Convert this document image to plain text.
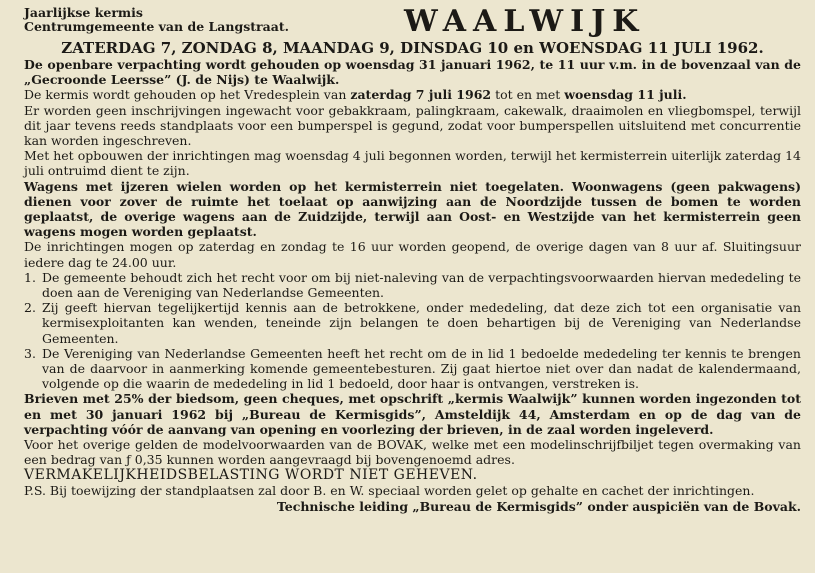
Jaarlijkse kermis
Centrumgemeente van de Langstraat.	WAALWIJK
ZATERDAG 7, ZONDAG 8, MAANDAG 9, DINSDAG 10 en WOENSDAG 11 JULI 1962.

De openbare verpachting wordt gehouden op woensdag 31 januari 1962, te 11 uur v.m. in de bovenzaal van de „Gecroonde Leersse” (J. de Nijs) te Waalwijk.

De kermis wordt gehouden op het Vredesplein van zaterdag 7 juli 1962 tot en met woensdag 11 juli.

Er worden geen inschrijvingen ingewacht voor gebakkraam, palingkraam, cakewalk, draaimolen en vliegbomspel, terwijl dit jaar tevens reeds standplaats voor een bumperspel is gegund, zodat voor bumperspellen uitsluitend met concurrentie kan worden ingeschreven.

Met het opbouwen der inrichtingen mag woensdag 4 juli begonnen worden, terwijl het kermisterrein uiterlijk zaterdag 14 juli ontruimd dient te zijn.

Wagens met ijzeren wielen worden op het kermisterrein niet toegelaten. Woonwagens (geen pakwagens) dienen voor zover de ruimte het toelaat op aanwijzing aan de Noordzijde tussen de bomen te worden geplaatst, de overige wagens aan de Zuidzijde, terwijl aan Oost- en Westzijde van het kermisterrein geen wagens mogen worden geplaatst.

De inrichtingen mogen op zaterdag en zondag te 16 uur worden geopend, de overige dagen van 8 uur af. Sluitingsuur iedere dag te 24.00 uur.

1. De gemeente behoudt zich het recht voor om bij niet-naleving van de verpachtingsvoorwaarden hiervan mededeling te doen aan de Vereniging van Nederlandse Gemeenten.
2. Zij geeft hiervan tegelijkertijd kennis aan de betrokkene, onder mededeling, dat deze zich tot een organisatie van kermisexploitanten kan wenden, teneinde zijn belangen te doen behartigen bij de Vereniging van Nederlandse Gemeenten.
3. De Vereniging van Nederlandse Gemeenten heeft het recht om de in lid 1 bedoelde mededeling ter kennis te brengen van de daarvoor in aanmerking komende gemeentebesturen. Zij gaat hiertoe niet over dan nadat de kalendermaand, volgende op die waarin de mededeling in lid 1 bedoeld, door haar is ontvangen, verstreken is.

Brieven met 25% der biedsom, geen cheques, met opschrift „kermis Waalwijk” kunnen worden ingezonden tot en met 30 januari 1962 bij „Bureau de Kermisgids”, Amsteldijk 44, Amsterdam en op de dag van de verpachting vóór de aanvang van opening en voorlezing der brieven, in de zaal worden ingeleverd.

Voor het overige gelden de modelvoorwaarden van de BOVAK, welke met een modelinschrijfbiljet tegen overmaking van een bedrag van ƒ 0,35 kunnen worden aangevraagd bij bovengenoemd adres.

VERMAKELIJKHEIDSBELASTING WORDT NIET GEHEVEN.

P.S. Bij toewijzing der standplaatsen zal door B. en W. speciaal worden gelet op gehalte en cachet der inrichtingen.

Technische leiding „Bureau de Kermisgids” onder auspiciën van de Bovak.
